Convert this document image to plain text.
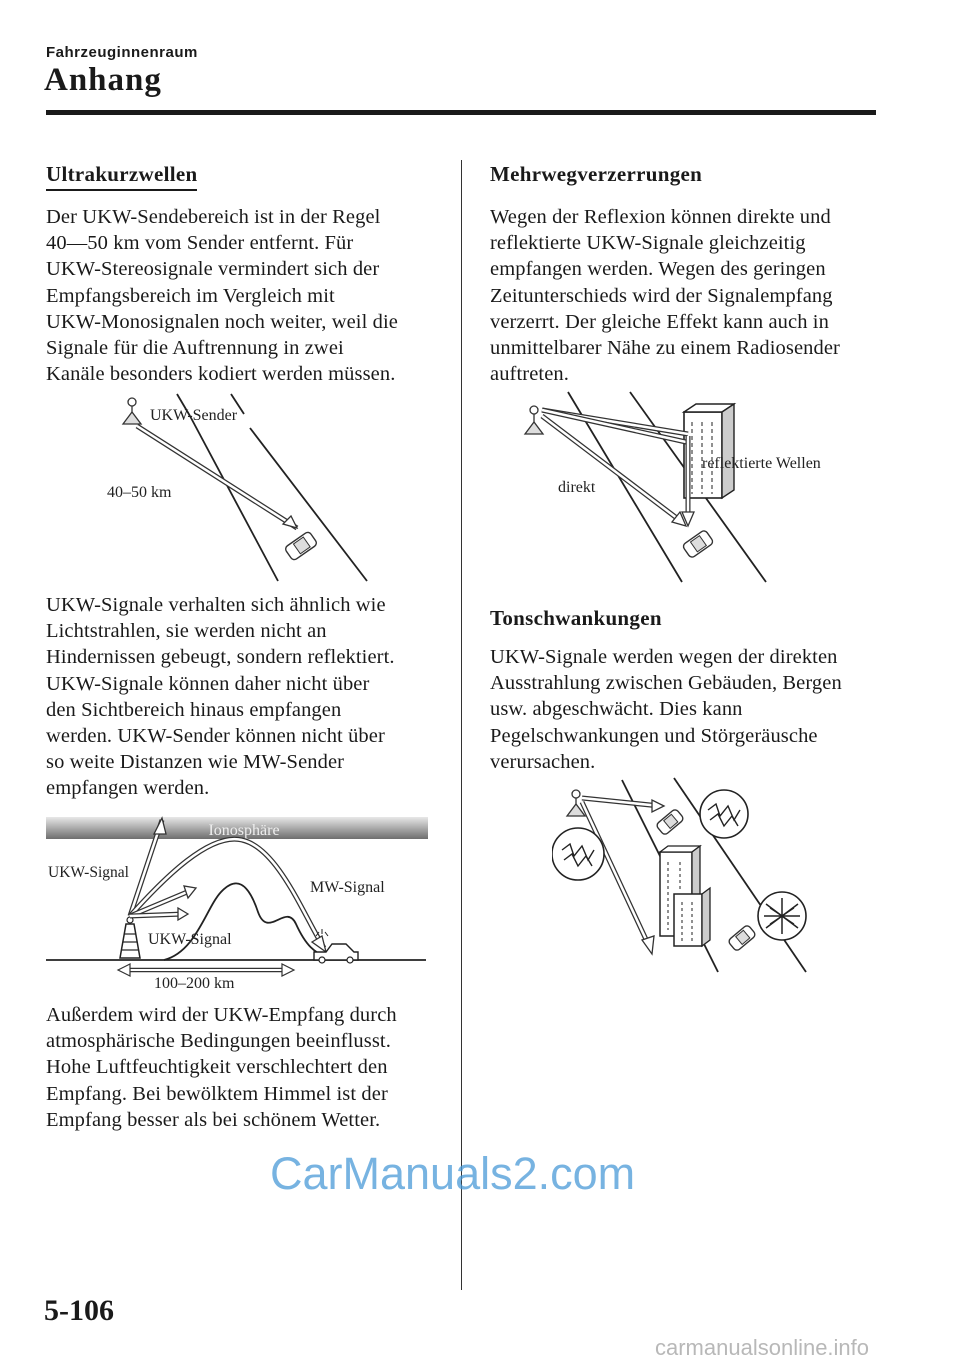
Fahrzeuginnenraum
Anhang
Ultrakurzwellen
Der UKW-Sendebereich ist in der Regel
40―50 km vom Sender entfernt. Für
UKW-Stereosignale vermindert sich der
Empfangsbereich im Vergleich mit
UKW-Monosignalen noch weiter, weil die
Signale für die Auftrennung in zwei
Kanäle besonders kodiert werden müssen.
UKW-Sender
40–50 km
UKW-Signale verhalten sich ähnlich wie
Lichtstrahlen, sie werden nicht an
Hindernissen gebeugt, sondern reflektiert.
UKW-Signale können daher nicht über
den Sichtbereich hinaus empfangen
werden. UKW-Sender können nicht über
so weite Distanzen wie MW-Sender
empfangen werden.
Ionosphäre
UKW-Signal
MW-Signal
UKW-Signal
100–200 km
Außerdem wird der UKW-Empfang durch
atmosphärische Bedingungen beeinflusst.
Hohe Luftfeuchtigkeit verschlechtert den
Empfang. Bei bewölktem Himmel ist der
Empfang besser als bei schönem Wetter.
Mehrwegverzerrungen
Wegen der Reflexion können direkte und
reflektierte UKW-Signale gleichzeitig
empfangen werden. Wegen des geringen
Zeitunterschieds wird der Signalempfang
verzerrt. Der gleiche Effekt kann auch in
unmittelbarer Nähe zu einem Radiosender
auftreten.
reflektierte Wellen
direkt
Tonschwankungen
UKW-Signale werden wegen der direkten
Ausstrahlung zwischen Gebäuden, Bergen
usw. abgeschwächt. Dies kann
Pegelschwankungen und Störgeräusche
verursachen.
CarManuals2.com
5-106
carmanualsonline.info
